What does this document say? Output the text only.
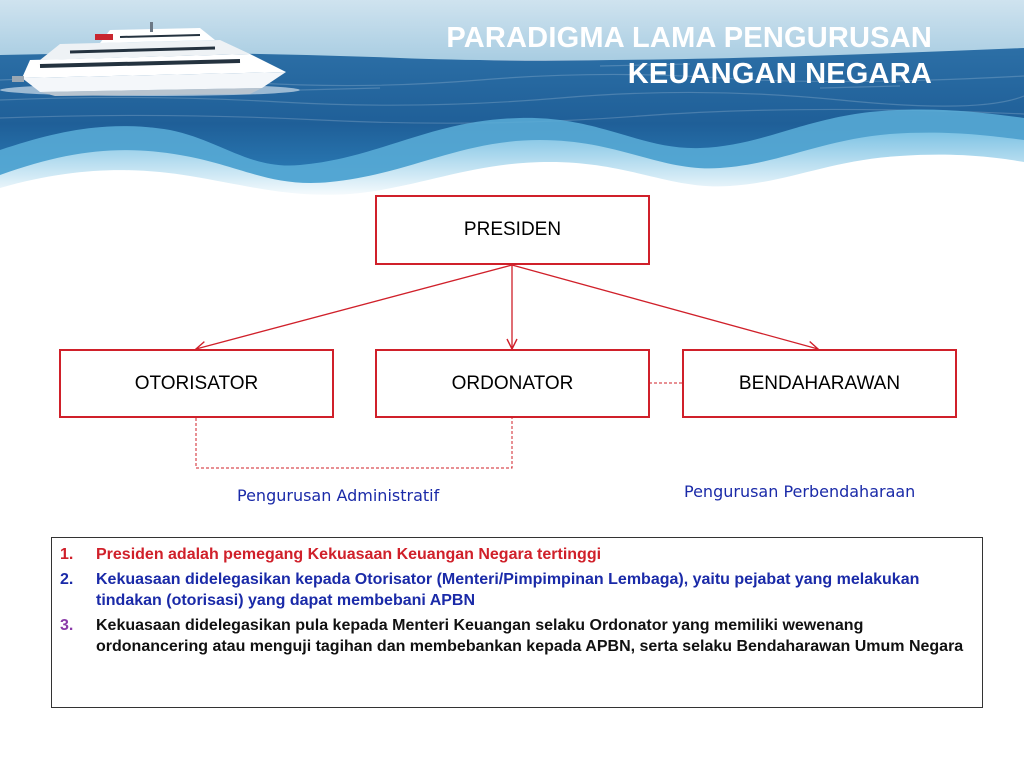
PARADIGMA LAMA PENGURUSAN
KEUANGAN NEGARA
PRESIDEN
OTORISATOR	ORDONATOR	BENDAHARAWAN
Pengurusan Administratif	Pengurusan Perbendaharaan
1.	Presiden adalah pemegang Kekuasaan Keuangan Negara tertinggi
2.	Kekuasaan didelegasikan kepada Otorisator (Menteri/Pimpimpinan Lembaga), yaitu pejabat yang melakukan tindakan (otorisasi) yang dapat membebani APBN
3.	Kekuasaan didelegasikan pula kepada Menteri Keuangan selaku Ordonator yang memiliki wewenang ordonancering atau menguji tagihan dan membebankan kepada APBN, serta selaku Bendaharawan Umum Negara
